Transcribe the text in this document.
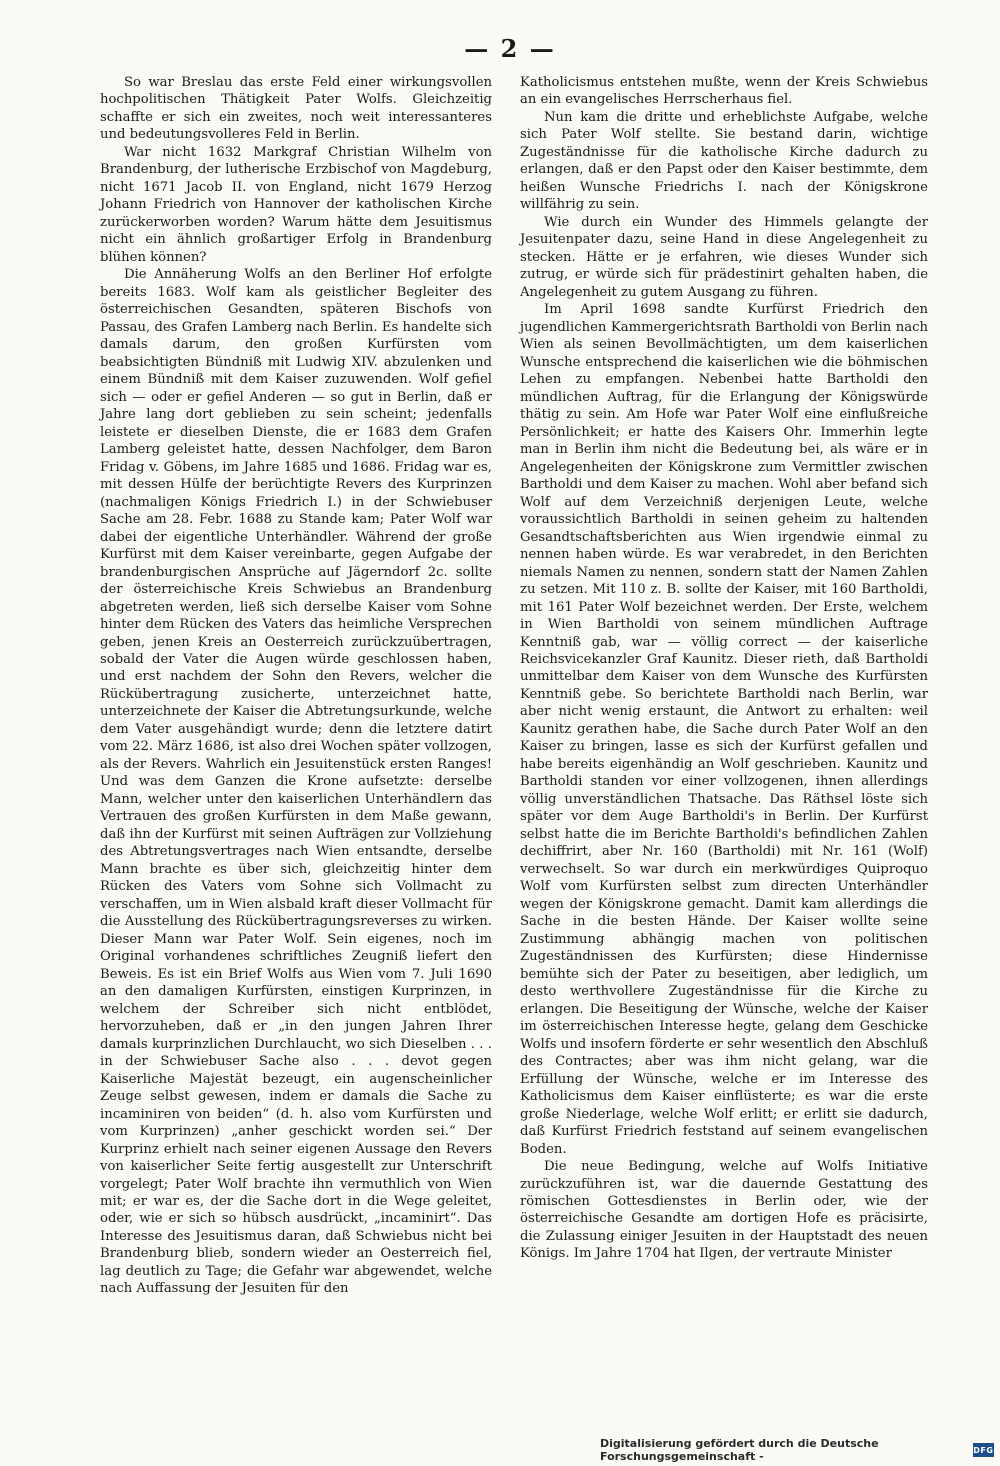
— 2 —

So war Breslau das erste Feld einer wirkungsvollen hochpolitischen Thätigkeit Pater Wolfs. Gleichzeitig schaffte er sich ein zweites, noch weit interessanteres und bedeutungsvolleres Feld in Berlin.

War nicht 1632 Markgraf Christian Wilhelm von Brandenburg, der lutherische Erzbischof von Magdeburg, nicht 1671 Jacob II. von England, nicht 1679 Herzog Johann Friedrich von Hannover der katholischen Kirche zurückerworben worden? Warum hätte dem Jesuitismus nicht ein ähnlich großartiger Erfolg in Brandenburg blühen können?

Die Annäherung Wolfs an den Berliner Hof erfolgte bereits 1683. Wolf kam als geistlicher Begleiter des österreichischen Gesandten, späteren Bischofs von Passau, des Grafen Lamberg nach Berlin. Es handelte sich damals darum, den großen Kurfürsten vom beabsichtigten Bündniß mit Ludwig XIV. abzulenken und einem Bündniß mit dem Kaiser zuzuwenden. Wolf gefiel sich — oder er gefiel Anderen — so gut in Berlin, daß er Jahre lang dort geblieben zu sein scheint; jedenfalls leistete er dieselben Dienste, die er 1683 dem Grafen Lamberg geleistet hatte, dessen Nachfolger, dem Baron Fridag v. Göbens, im Jahre 1685 und 1686. Fridag war es, mit dessen Hülfe der berüchtigte Revers des Kurprinzen (nachmaligen Königs Friedrich I.) in der Schwiebuser Sache am 28. Febr. 1688 zu Stande kam; Pater Wolf war dabei der eigentliche Unterhändler. Während der große Kurfürst mit dem Kaiser vereinbarte, gegen Aufgabe der brandenburgischen Ansprüche auf Jägerndorf 2c. sollte der österreichische Kreis Schwiebus an Brandenburg abgetreten werden, ließ sich derselbe Kaiser vom Sohne hinter dem Rücken des Vaters das heimliche Versprechen geben, jenen Kreis an Oesterreich zurückzuübertragen, sobald der Vater die Augen würde geschlossen haben, und erst nachdem der Sohn den Revers, welcher die Rückübertragung zusicherte, unterzeichnet hatte, unterzeichnete der Kaiser die Abtretungsurkunde, welche dem Vater ausgehändigt wurde; denn die letztere datirt vom 22. März 1686, ist also drei Wochen später vollzogen, als der Revers. Wahrlich ein Jesuitenstück ersten Ranges! Und was dem Ganzen die Krone aufsetzte: derselbe Mann, welcher unter den kaiserlichen Unterhändlern das Vertrauen des großen Kurfürsten in dem Maße gewann, daß ihn der Kurfürst mit seinen Aufträgen zur Vollziehung des Abtretungsvertrages nach Wien entsandte, derselbe Mann brachte es über sich, gleichzeitig hinter dem Rücken des Vaters vom Sohne sich Vollmacht zu verschaffen, um in Wien alsbald kraft dieser Vollmacht für die Ausstellung des Rückübertragungsreverses zu wirken. Dieser Mann war Pater Wolf. Sein eigenes, noch im Original vorhandenes schriftliches Zeugniß liefert den Beweis. Es ist ein Brief Wolfs aus Wien vom 7. Juli 1690 an den damaligen Kurfürsten, einstigen Kurprinzen, in welchem der Schreiber sich nicht entblödet, hervorzuheben, daß er „in den jungen Jahren Ihrer damals kurprinzlichen Durchlaucht, wo sich Dieselben . . . in der Schwiebuser Sache also . . . devot gegen Kaiserliche Majestät bezeugt, ein augenscheinlicher Zeuge selbst gewesen, indem er damals die Sache zu incaminiren von beiden“ (d. h. also vom Kurfürsten und vom Kurprinzen) „anher geschickt worden sei.“ Der Kurprinz erhielt nach seiner eigenen Aussage den Revers von kaiserlicher Seite fertig ausgestellt zur Unterschrift vorgelegt; Pater Wolf brachte ihn vermuthlich von Wien mit; er war es, der die Sache dort in die Wege geleitet, oder, wie er sich so hübsch ausdrückt, „incaminirt“. Das Interesse des Jesuitismus daran, daß Schwiebus nicht bei Brandenburg blieb, sondern wieder an Oesterreich fiel, lag deutlich zu Tage; die Gefahr war abgewendet, welche nach Auffassung der Jesuiten für den

Katholicismus entstehen mußte, wenn der Kreis Schwiebus an ein evangelisches Herrscherhaus fiel.

Nun kam die dritte und erheblichste Aufgabe, welche sich Pater Wolf stellte. Sie bestand darin, wichtige Zugeständnisse für die katholische Kirche dadurch zu erlangen, daß er den Papst oder den Kaiser bestimmte, dem heißen Wunsche Friedrichs I. nach der Königskrone willfährig zu sein.

Wie durch ein Wunder des Himmels gelangte der Jesuitenpater dazu, seine Hand in diese Angelegenheit zu stecken. Hätte er je erfahren, wie dieses Wunder sich zutrug, er würde sich für prädestinirt gehalten haben, die Angelegenheit zu gutem Ausgang zu führen.

Im April 1698 sandte Kurfürst Friedrich den jugendlichen Kammergerichtsrath Bartholdi von Berlin nach Wien als seinen Bevollmächtigten, um dem kaiserlichen Wunsche entsprechend die kaiserlichen wie die böhmischen Lehen zu empfangen. Nebenbei hatte Bartholdi den mündlichen Auftrag, für die Erlangung der Königswürde thätig zu sein. Am Hofe war Pater Wolf eine einflußreiche Persönlichkeit; er hatte des Kaisers Ohr. Immerhin legte man in Berlin ihm nicht die Bedeutung bei, als wäre er in Angelegenheiten der Königskrone zum Vermittler zwischen Bartholdi und dem Kaiser zu machen. Wohl aber befand sich Wolf auf dem Verzeichniß derjenigen Leute, welche voraussichtlich Bartholdi in seinen geheim zu haltenden Gesandtschaftsberichten aus Wien irgendwie einmal zu nennen haben würde. Es war verabredet, in den Berichten niemals Namen zu nennen, sondern statt der Namen Zahlen zu setzen. Mit 110 z. B. sollte der Kaiser, mit 160 Bartholdi, mit 161 Pater Wolf bezeichnet werden. Der Erste, welchem in Wien Bartholdi von seinem mündlichen Auftrage Kenntniß gab, war — völlig correct — der kaiserliche Reichsvicekanzler Graf Kaunitz. Dieser rieth, daß Bartholdi unmittelbar dem Kaiser von dem Wunsche des Kurfürsten Kenntniß gebe. So berichtete Bartholdi nach Berlin, war aber nicht wenig erstaunt, die Antwort zu erhalten: weil Kaunitz gerathen habe, die Sache durch Pater Wolf an den Kaiser zu bringen, lasse es sich der Kurfürst gefallen und habe bereits eigenhändig an Wolf geschrieben. Kaunitz und Bartholdi standen vor einer vollzogenen, ihnen allerdings völlig unverständlichen Thatsache. Das Räthsel löste sich später vor dem Auge Bartholdi's in Berlin. Der Kurfürst selbst hatte die im Berichte Bartholdi's befindlichen Zahlen dechiffrirt, aber Nr. 160 (Bartholdi) mit Nr. 161 (Wolf) verwechselt. So war durch ein merkwürdiges Quiproquo Wolf vom Kurfürsten selbst zum directen Unterhändler wegen der Königskrone gemacht. Damit kam allerdings die Sache in die besten Hände. Der Kaiser wollte seine Zustimmung abhängig machen von politischen Zugeständnissen des Kurfürsten; diese Hindernisse bemühte sich der Pater zu beseitigen, aber lediglich, um desto werthvollere Zugeständnisse für die Kirche zu erlangen. Die Beseitigung der Wünsche, welche der Kaiser im österreichischen Interesse hegte, gelang dem Geschicke Wolfs und insofern förderte er sehr wesentlich den Abschluß des Contractes; aber was ihm nicht gelang, war die Erfüllung der Wünsche, welche er im Interesse des Katholicismus dem Kaiser einflüsterte; es war die erste große Niederlage, welche Wolf erlitt; er erlitt sie dadurch, daß Kurfürst Friedrich feststand auf seinem evangelischen Boden.

Die neue Bedingung, welche auf Wolfs Initiative zurückzuführen ist, war die dauernde Gestattung des römischen Gottesdienstes in Berlin oder, wie der österreichische Gesandte am dortigen Hofe es präcisirte, die Zulassung einiger Jesuiten in der Hauptstadt des neuen Königs. Im Jahre 1704 hat Ilgen, der vertraute Minister

Digitalisierung gefördert durch die Deutsche Forschungsgemeinschaft -	DFG
